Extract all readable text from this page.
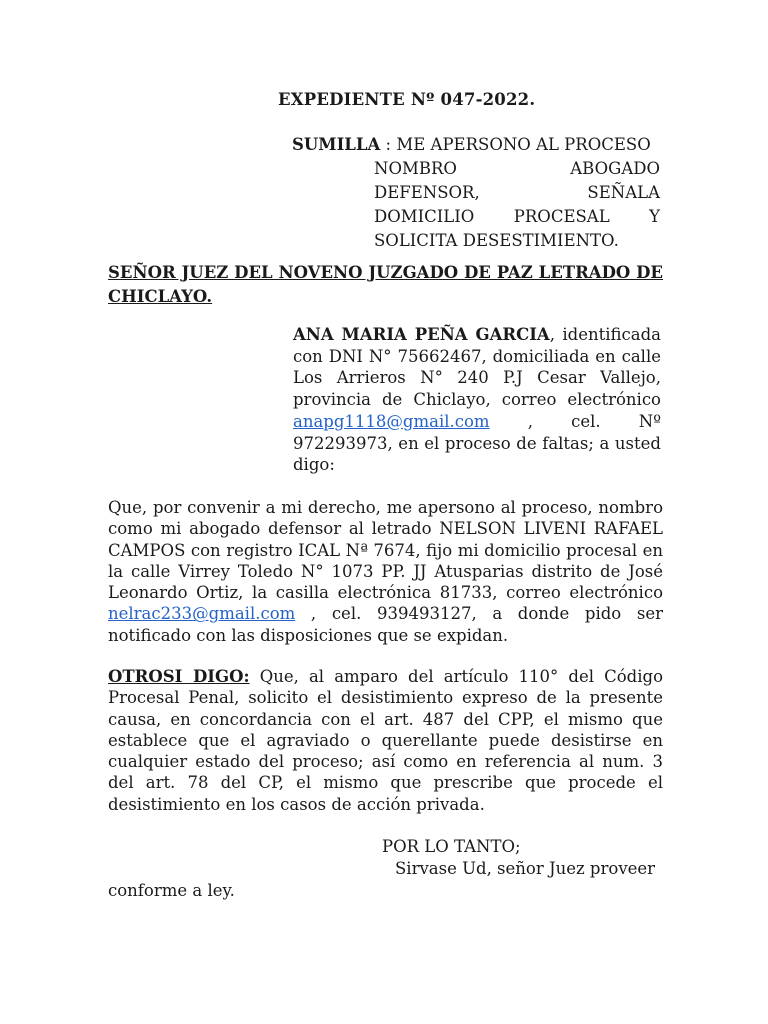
EXPEDIENTE Nº 047-2022.
SUMILLA : ME APERSONO AL PROCESO
NOMBRO ABOGADO
DEFENSOR, SEÑALA
DOMICILIO PROCESAL Y
SOLICITA DESESTIMIENTO.
SEÑOR JUEZ DEL NOVENO JUZGADO DE PAZ LETRADO DE CHICLAYO.
ANA MARIA PEÑA GARCIA, identificada con DNI N° 75662467, domiciliada en calle Los Arrieros N° 240 P.J Cesar Vallejo, provincia de Chiclayo, correo electrónico anapg1118@gmail.com , cel. Nº 972293973, en el proceso de faltas; a usted digo:
Que, por convenir a mi derecho, me apersono al proceso, nombro como mi abogado defensor al letrado NELSON LIVENI RAFAEL CAMPOS con registro ICAL Nª 7674, fijo mi domicilio procesal en la calle Virrey Toledo N° 1073 PP. JJ Atusparias distrito de José Leonardo Ortiz, la casilla electrónica 81733, correo electrónico nelrac233@gmail.com , cel. 939493127, a donde pido ser notificado con las disposiciones que se expidan.
OTROSI DIGO: Que, al amparo del artículo 110° del Código Procesal Penal, solicito el desistimiento expreso de la presente causa, en concordancia con el art. 487 del CPP, el mismo que establece que el agraviado o querellante puede desistirse en cualquier estado del proceso; así como en referencia al num. 3 del art. 78 del CP, el mismo que prescribe que procede el desistimiento en los casos de acción privada.
POR LO TANTO;
Sirvase Ud, señor Juez proveer
conforme a ley.
